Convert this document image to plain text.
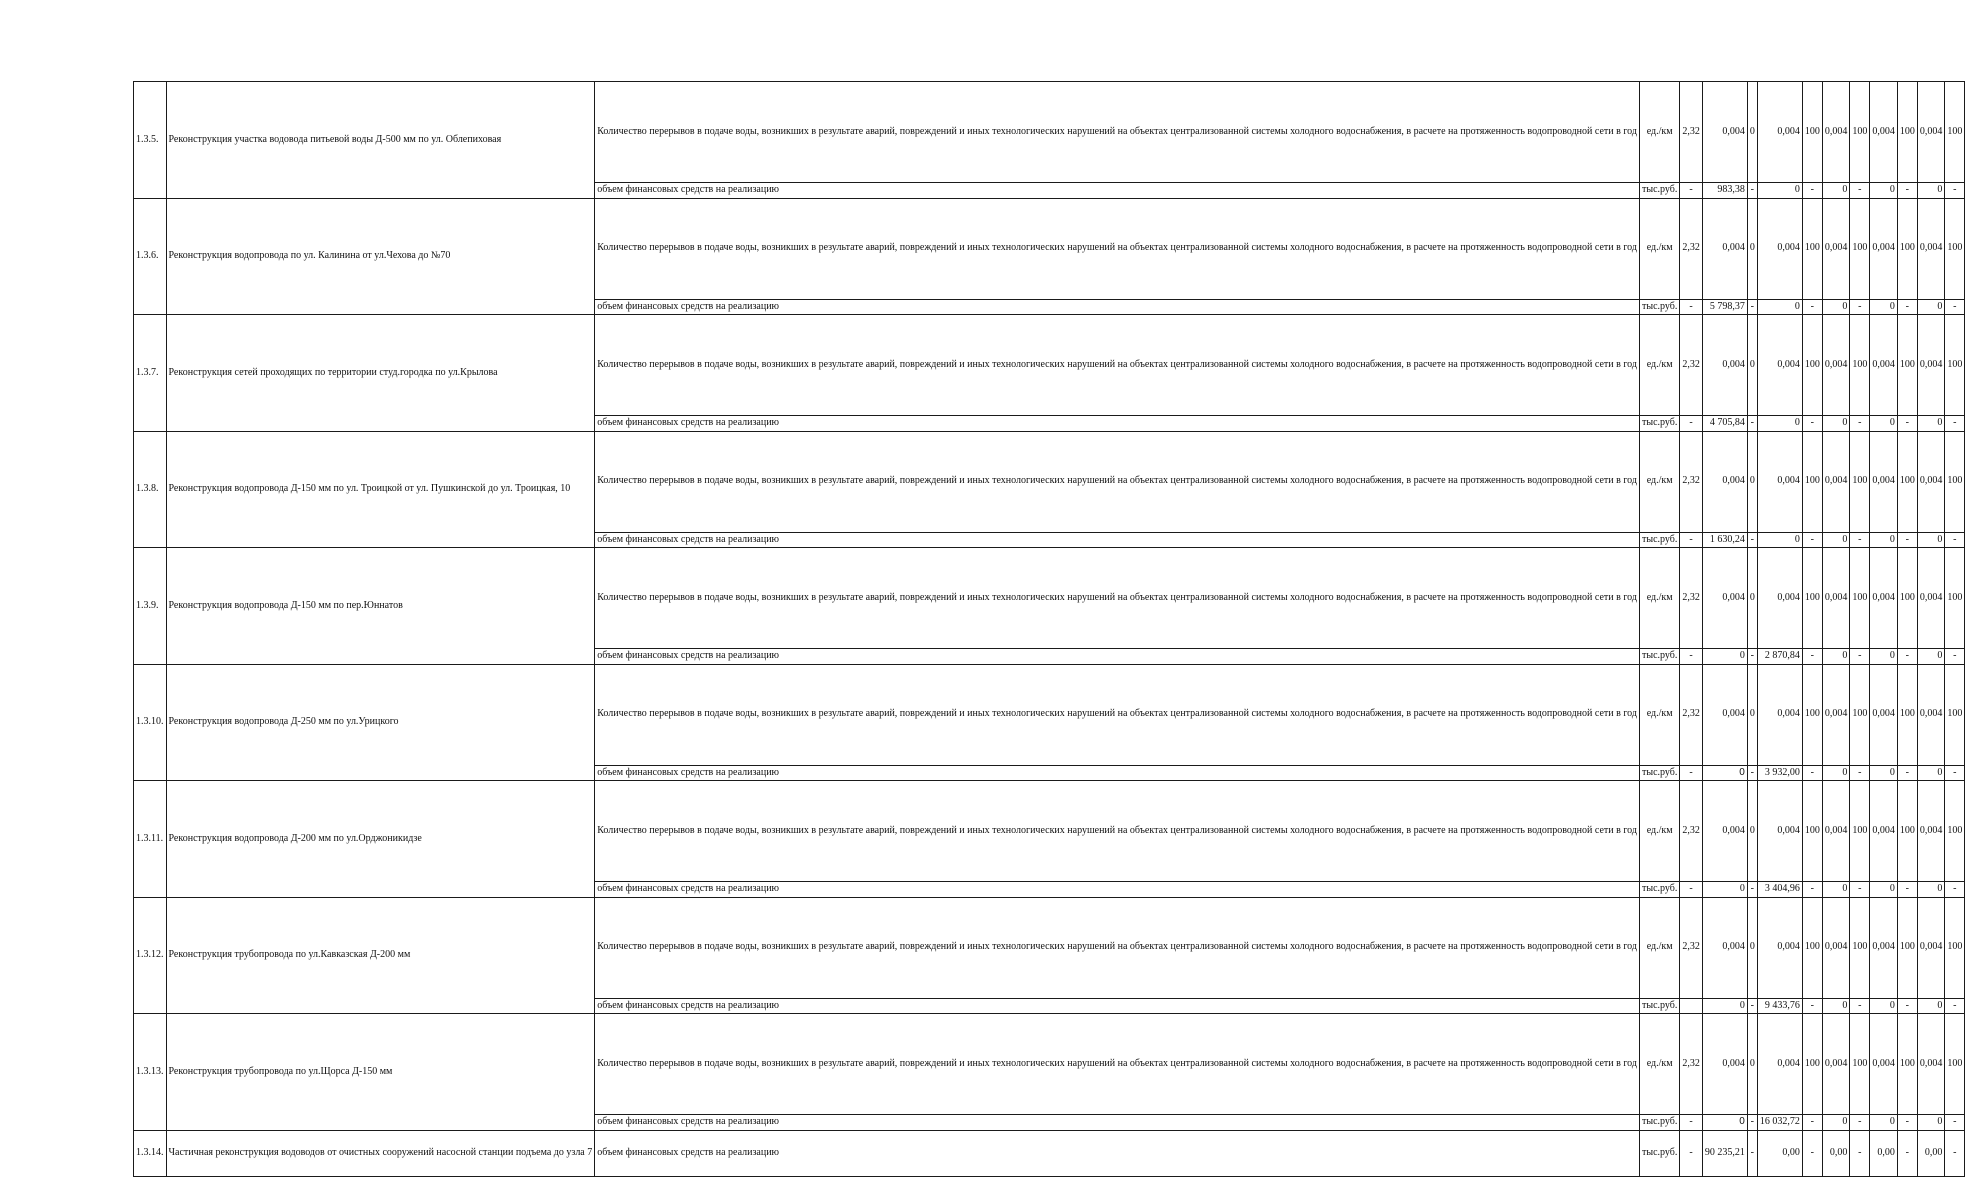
1.3.5.	Реконструкция участка водовода питьевой воды Д-500 мм по ул. Облепиховая	Количество перерывов в подаче воды, возникших в результате аварий, повреждений и иных технологических нарушений на объектах централизованной системы холодного водоснабжения, в расчете на протяженность водопроводной сети в год	ед./км	2,32	0,004	0	0,004	100	0,004	100	0,004	100	0,004	100
		объем финансовых средств на реализацию	тыс.руб.	-	983,38	-	0	-	0	-	0	-	0	-
1.3.6.	Реконструкция водопровода по ул. Калинина от ул.Чехова до №70	Количество перерывов в подаче воды, возникших в результате аварий, повреждений и иных технологических нарушений на объектах централизованной системы холодного водоснабжения, в расчете на протяженность водопроводной сети в год	ед./км	2,32	0,004	0	0,004	100	0,004	100	0,004	100	0,004	100
		объем финансовых средств на реализацию	тыс.руб.	-	5 798,37	-	0	-	0	-	0	-	0	-
1.3.7.	Реконструкция сетей проходящих по территории студ.городка по ул.Крылова	Количество перерывов в подаче воды, возникших в результате аварий, повреждений и иных технологических нарушений на объектах централизованной системы холодного водоснабжения, в расчете на протяженность водопроводной сети в год	ед./км	2,32	0,004	0	0,004	100	0,004	100	0,004	100	0,004	100
		объем финансовых средств на реализацию	тыс.руб.	-	4 705,84	-	0	-	0	-	0	-	0	-
1.3.8.	Реконструкция водопровода Д-150 мм по ул. Троицкой от ул. Пушкинской до ул. Троицкая, 10	Количество перерывов в подаче воды, возникших в результате аварий, повреждений и иных технологических нарушений на объектах централизованной системы холодного водоснабжения, в расчете на протяженность водопроводной сети в год	ед./км	2,32	0,004	0	0,004	100	0,004	100	0,004	100	0,004	100
		объем финансовых средств на реализацию	тыс.руб.	-	1 630,24	-	0	-	0	-	0	-	0	-
1.3.9.	Реконструкция водопровода Д-150 мм по пер.Юннатов	Количество перерывов в подаче воды, возникших в результате аварий, повреждений и иных технологических нарушений на объектах централизованной системы холодного водоснабжения, в расчете на протяженность водопроводной сети в год	ед./км	2,32	0,004	0	0,004	100	0,004	100	0,004	100	0,004	100
		объем финансовых средств на реализацию	тыс.руб.	-	0	-	2 870,84	-	0	-	0	-	0	-
1.3.10.	Реконструкция водопровода Д-250 мм по ул.Урицкого	Количество перерывов в подаче воды, возникших в результате аварий, повреждений и иных технологических нарушений на объектах централизованной системы холодного водоснабжения, в расчете на протяженность водопроводной сети в год	ед./км	2,32	0,004	0	0,004	100	0,004	100	0,004	100	0,004	100
		объем финансовых средств на реализацию	тыс.руб.	-	0	-	3 932,00	-	0	-	0	-	0	-
1.3.11.	Реконструкция водопровода Д-200 мм по ул.Орджоникидзе	Количество перерывов в подаче воды, возникших в результате аварий, повреждений и иных технологических нарушений на объектах централизованной системы холодного водоснабжения, в расчете на протяженность водопроводной сети в год	ед./км	2,32	0,004	0	0,004	100	0,004	100	0,004	100	0,004	100
		объем финансовых средств на реализацию	тыс.руб.	-	0	-	3 404,96	-	0	-	0	-	0	-
1.3.12.	Реконструкция трубопровода по ул.Кавказская Д-200 мм	Количество перерывов в подаче воды, возникших в результате аварий, повреждений и иных технологических нарушений на объектах централизованной системы холодного водоснабжения, в расчете на протяженность водопроводной сети в год	ед./км	2,32	0,004	0	0,004	100	0,004	100	0,004	100	0,004	100
		объем финансовых средств на реализацию	тыс.руб.		0	-	9 433,76	-	0	-	0	-	0	-
1.3.13.	Реконструкция трубопровода по ул.Щорса Д-150 мм	Количество перерывов в подаче воды, возникших в результате аварий, повреждений и иных технологических нарушений на объектах централизованной системы холодного водоснабжения, в расчете на протяженность водопроводной сети в год	ед./км	2,32	0,004	0	0,004	100	0,004	100	0,004	100	0,004	100
		объем финансовых средств на реализацию	тыс.руб.	-	0	-	16 032,72	-	0	-	0	-	0	-
1.3.14.	Частичная реконструкция водоводов от очистных сооружений насосной станции подъема до узла 7	объем финансовых средств на реализацию	тыс.руб.	-	90 235,21	-	0,00	-	0,00	-	0,00	-	0,00	-
